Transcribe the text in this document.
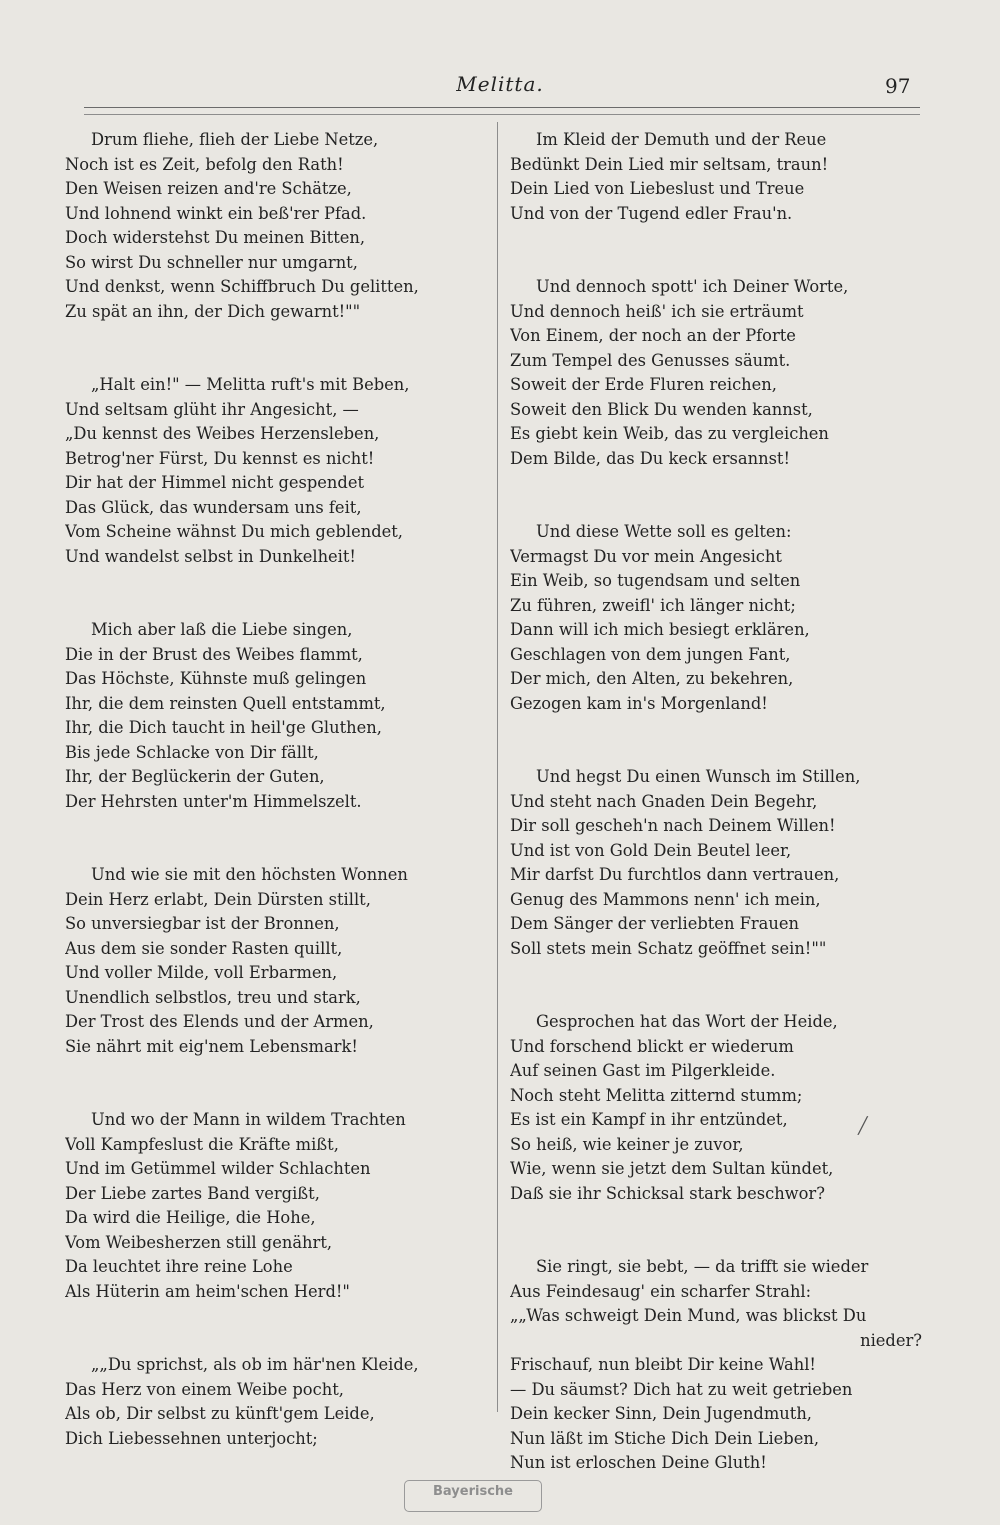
Melitta.	97
Drum fliehe, flieh der Liebe Netze,
Noch ist es Zeit, befolg den Rath!
Den Weisen reizen and're Schätze,
Und lohnend winkt ein beß'rer Pfad.
Doch widerstehst Du meinen Bitten,
So wirst Du schneller nur umgarnt,
Und denkst, wenn Schiffbruch Du gelitten,
Zu spät an ihn, der Dich gewarnt!""
„Halt ein!" — Melitta ruft's mit Beben,
Und seltsam glüht ihr Angesicht, —
„Du kennst des Weibes Herzensleben,
Betrog'ner Fürst, Du kennst es nicht!
Dir hat der Himmel nicht gespendet
Das Glück, das wundersam uns feit,
Vom Scheine wähnst Du mich geblendet,
Und wandelst selbst in Dunkelheit!
Mich aber laß die Liebe singen,
Die in der Brust des Weibes flammt,
Das Höchste, Kühnste muß gelingen
Ihr, die dem reinsten Quell entstammt,
Ihr, die Dich taucht in heil'ge Gluthen,
Bis jede Schlacke von Dir fällt,
Ihr, der Beglückerin der Guten,
Der Hehrsten unter'm Himmelszelt.
Und wie sie mit den höchsten Wonnen
Dein Herz erlabt, Dein Dürsten stillt,
So unversiegbar ist der Bronnen,
Aus dem sie sonder Rasten quillt,
Und voller Milde, voll Erbarmen,
Unendlich selbstlos, treu und stark,
Der Trost des Elends und der Armen,
Sie nährt mit eig'nem Lebensmark!
Und wo der Mann in wildem Trachten
Voll Kampfeslust die Kräfte mißt,
Und im Getümmel wilder Schlachten
Der Liebe zartes Band vergißt,
Da wird die Heilige, die Hohe,
Vom Weibesherzen still genährt,
Da leuchtet ihre reine Lohe
Als Hüterin am heim'schen Herd!"
„„Du sprichst, als ob im här'nen Kleide,
Das Herz von einem Weibe pocht,
Als ob, Dir selbst zu künft'gem Leide,
Dich Liebessehnen unterjocht;
Im Kleid der Demuth und der Reue
Bedünkt Dein Lied mir seltsam, traun!
Dein Lied von Liebeslust und Treue
Und von der Tugend edler Frau'n.
Und dennoch spott' ich Deiner Worte,
Und dennoch heiß' ich sie erträumt
Von Einem, der noch an der Pforte
Zum Tempel des Genusses säumt.
Soweit der Erde Fluren reichen,
Soweit den Blick Du wenden kannst,
Es giebt kein Weib, das zu vergleichen
Dem Bilde, das Du keck ersannst!
Und diese Wette soll es gelten:
Vermagst Du vor mein Angesicht
Ein Weib, so tugendsam und selten
Zu führen, zweifl' ich länger nicht;
Dann will ich mich besiegt erklären,
Geschlagen von dem jungen Fant,
Der mich, den Alten, zu bekehren,
Gezogen kam in's Morgenland!
Und hegst Du einen Wunsch im Stillen,
Und steht nach Gnaden Dein Begehr,
Dir soll gescheh'n nach Deinem Willen!
Und ist von Gold Dein Beutel leer,
Mir darfst Du furchtlos dann vertrauen,
Genug des Mammons nenn' ich mein,
Dem Sänger der verliebten Frauen
Soll stets mein Schatz geöffnet sein!""
Gesprochen hat das Wort der Heide,
Und forschend blickt er wiederum
Auf seinen Gast im Pilgerkleide.
Noch steht Melitta zitternd stumm;
Es ist ein Kampf in ihr entzündet,
So heiß, wie keiner je zuvor,
Wie, wenn sie jetzt dem Sultan kündet,
Daß sie ihr Schicksal stark beschwor?
Sie ringt, sie bebt, — da trifft sie wieder
Aus Feindesaug' ein scharfer Strahl:
„„Was schweigt Dein Mund, was blickst Du
nieder?
Frischauf, nun bleibt Dir keine Wahl!
— Du säumst? Dich hat zu weit getrieben
Dein kecker Sinn, Dein Jugendmuth,
Nun läßt im Stiche Dich Dein Lieben,
Nun ist erloschen Deine Gluth!
╱
Bayerische
